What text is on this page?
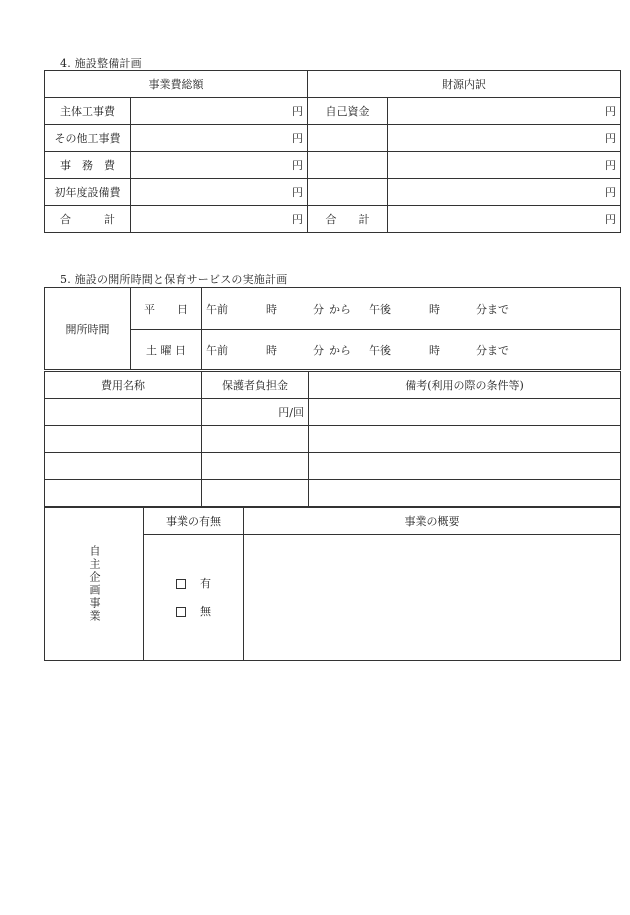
4. 施設整備計画
事業費総額		財源内訳	
主体工事費	円	自己資金	円
その他工事費	円		円
事　務　費	円		円
初年度設備費	円		円
合　　　計	円	合　　計	円
5. 施設の開所時間と保育サービスの実施計画
開所時間	平　　日	午前 時 分 から 午後 時 分まで
	土 曜 日	午前 時 分 から 午後 時 分まで
費用名称	保護者負担金	備考(利用の際の条件等)
	円/回	

自主企画事業	事業の有無	事業の概要

	有
無	
